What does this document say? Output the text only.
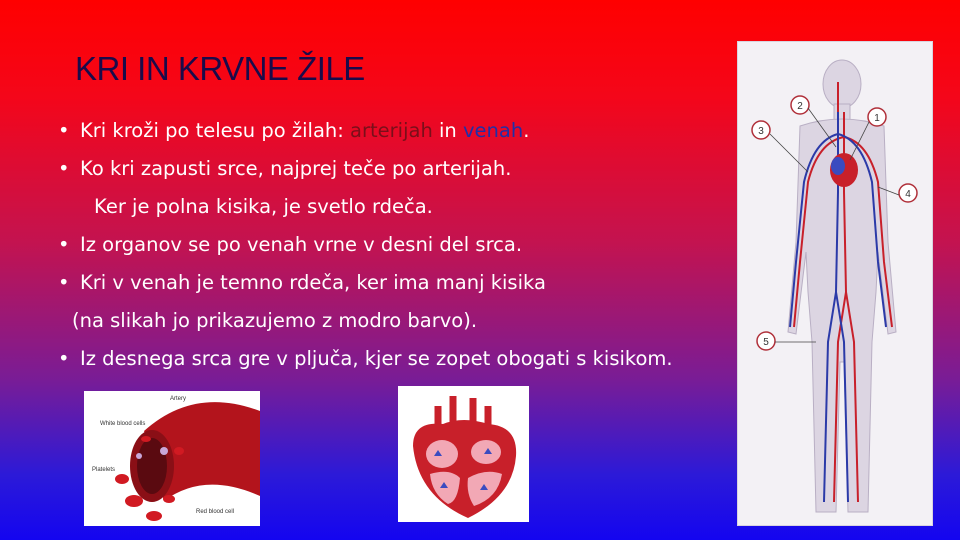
KRI IN KRVNE ŽILE
• Kri kroži po telesu po žilah: arterijah in venah.
• Ko kri zapusti srce, najprej teče po arterijah.
Ker je polna kisika, je svetlo rdeča.
• Iz organov se po venah vrne v desni del srca.
• Kri v venah je temno rdeča, ker ima manj kisika
(na slikah jo prikazujemo z modro barvo).
• Iz desnega srca gre v pljuča, kjer se zopet obogati s kisikom.
2
1
3
4
5
Artery
White blood cells
Platelets
Red blood cell
